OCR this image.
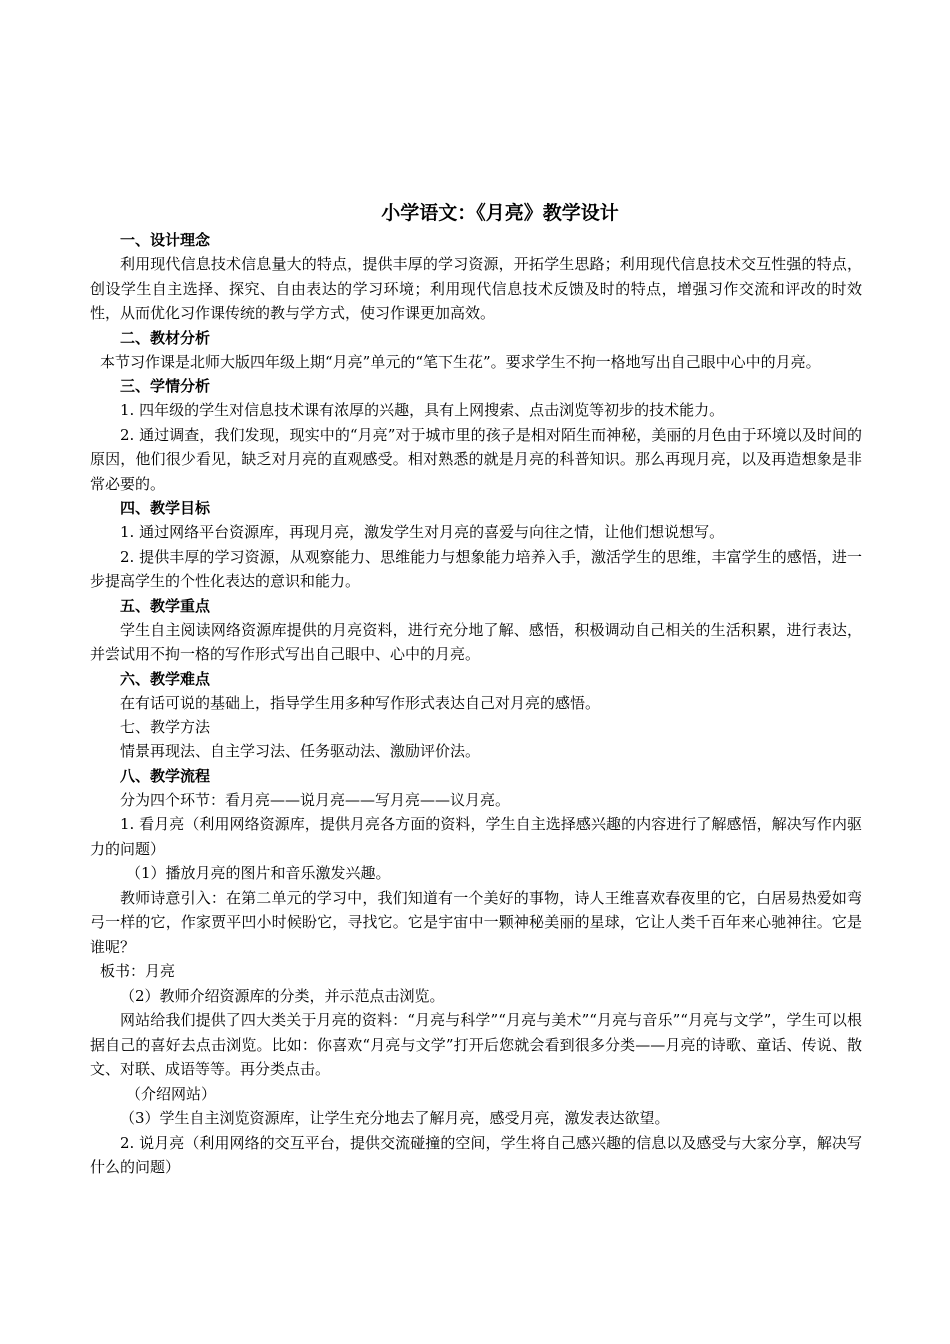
小学语文：《月亮》教学设计
一、设计理念

利用现代信息技术信息量大的特点，提供丰厚的学习资源，开拓学生思路；利用现代信息技术交互性强的特点，创设学生自主选择、探究、自由表达的学习环境；利用现代信息技术反馈及时的特点，增强习作交流和评改的时效性，从而优化习作课传统的教与学方式，使习作课更加高效。

二、教材分析

本节习作课是北师大版四年级上期“月亮”单元的“笔下生花”。要求学生不拘一格地写出自己眼中心中的月亮。

三、学情分析

1. 四年级的学生对信息技术课有浓厚的兴趣，具有上网搜索、点击浏览等初步的技术能力。

2. 通过调查，我们发现，现实中的“月亮”对于城市里的孩子是相对陌生而神秘，美丽的月色由于环境以及时间的原因，他们很少看见，缺乏对月亮的直观感受。相对熟悉的就是月亮的科普知识。那么再现月亮，以及再造想象是非常必要的。

四、教学目标

1. 通过网络平台资源库，再现月亮，激发学生对月亮的喜爱与向往之情，让他们想说想写。

2. 提供丰厚的学习资源，从观察能力、思维能力与想象能力培养入手，激活学生的思维，丰富学生的感悟，进一步提高学生的个性化表达的意识和能力。

五、教学重点

学生自主阅读网络资源库提供的月亮资料，进行充分地了解、感悟，积极调动自己相关的生活积累，进行表达，并尝试用不拘一格的写作形式写出自己眼中、心中的月亮。

六、教学难点

在有话可说的基础上，指导学生用多种写作形式表达自己对月亮的感悟。

七、教学方法

情景再现法、自主学习法、任务驱动法、激励评价法。

八、教学流程

分为四个环节：看月亮——说月亮——写月亮——议月亮。

1. 看月亮（利用网络资源库，提供月亮各方面的资料，学生自主选择感兴趣的内容进行了解感悟，解决写作内驱力的问题）

（1）播放月亮的图片和音乐激发兴趣。

教师诗意引入：在第二单元的学习中，我们知道有一个美好的事物，诗人王维喜欢春夜里的它，白居易热爱如弯弓一样的它，作家贾平凹小时候盼它，寻找它。它是宇宙中一颗神秘美丽的星球，它让人类千百年来心驰神往。它是谁呢？

板书：月亮

（2）教师介绍资源库的分类，并示范点击浏览。

网站给我们提供了四大类关于月亮的资料：“月亮与科学”“月亮与美术”“月亮与音乐”“月亮与文学”，学生可以根据自己的喜好去点击浏览。比如：你喜欢“月亮与文学”打开后您就会看到很多分类——月亮的诗歌、童话、传说、散文、对联、成语等等。再分类点击。

（介绍网站）

（3）学生自主浏览资源库，让学生充分地去了解月亮，感受月亮，激发表达欲望。

2. 说月亮（利用网络的交互平台，提供交流碰撞的空间，学生将自己感兴趣的信息以及感受与大家分享，解决写什么的问题）
